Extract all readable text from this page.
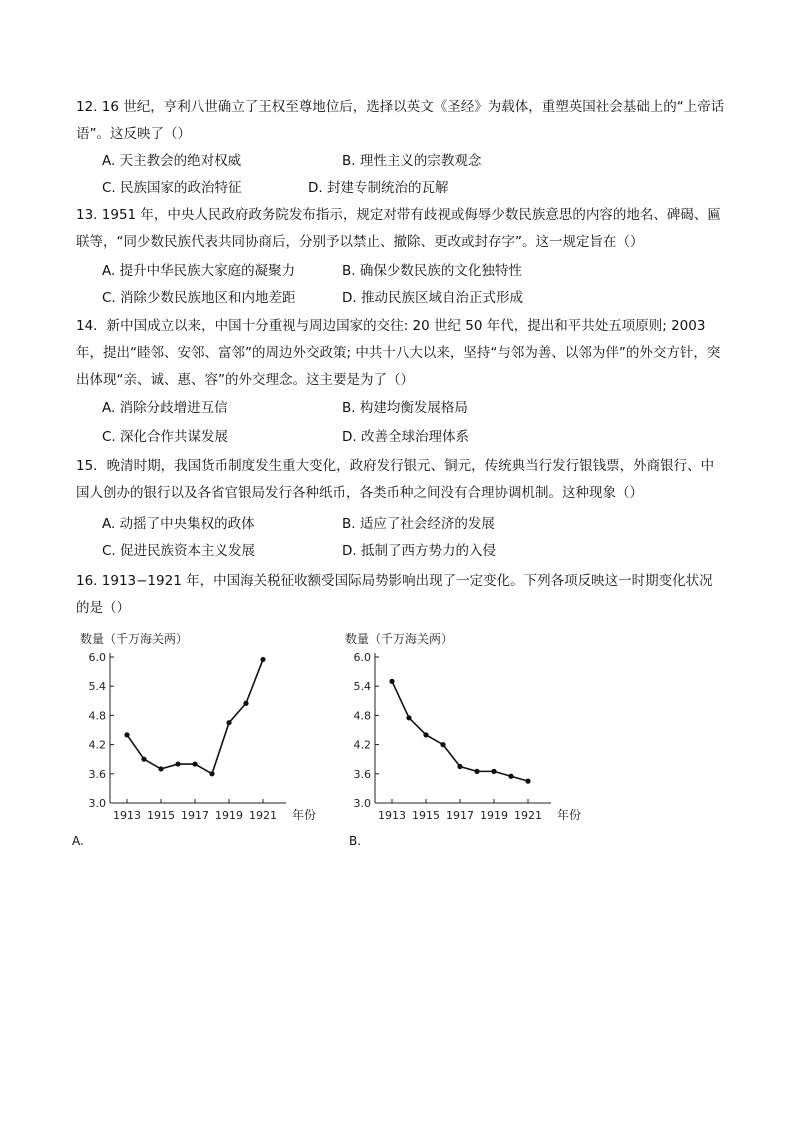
12. 16 世纪，亨利八世确立了王权至尊地位后，选择以英文《圣经》为载体，重塑英国社会基础上的“上帝话语”。这反映了（）
A. 天主教会的绝对权威	B. 理性主义的宗教观念
C. 民族国家的政治特征	D. 封建专制统治的瓦解
13. 1951 年，中央人民政府政务院发布指示，规定对带有歧视或侮辱少数民族意思的内容的地名、碑碣、匾联等，“同少数民族代表共同协商后，分别予以禁止、撤除、更改或封存字”。这一规定旨在（）
A. 提升中华民族大家庭的凝聚力	B. 确保少数民族的文化独特性
C. 消除少数民族地区和内地差距	D. 推动民族区域自治正式形成
14．新中国成立以来，中国十分重视与周边国家的交往: 20 世纪 50 年代，提出和平共处五项原则; 2003 年，提出“睦邻、安邻、富邻”的周边外交政策; 中共十八大以来，坚持“与邻为善、以邻为伴”的外交方针，突出体现“亲、诚、惠、容”的外交理念。这主要是为了（）
A. 消除分歧增进互信	B. 构建均衡发展格局
C. 深化合作共谋发展	D. 改善全球治理体系
15．晚清时期，我国货币制度发生重大变化，政府发行银元、铜元，传统典当行发行银钱票，外商银行、中国人创办的银行以及各省官银局发行各种纸币，各类币种之间没有合理协调机制。这种现象（）
A. 动摇了中央集权的政体	B. 适应了社会经济的发展
C. 促进民族资本主义发展	D. 抵制了西方势力的入侵
16. 1913−1921 年，中国海关税征收额受国际局势影响出现了一定变化。下列各项反映这一时期变化状况的是（）
数量（千万海关两）
3.0
3.6
4.2
4.8
5.4
6.0
1913 1915 1917 1919 1921 年份
A.
数量（千万海关两）
3.0
3.6
4.2
4.8
5.4
6.0
1913 1915 1917 1919 1921 年份
B.
